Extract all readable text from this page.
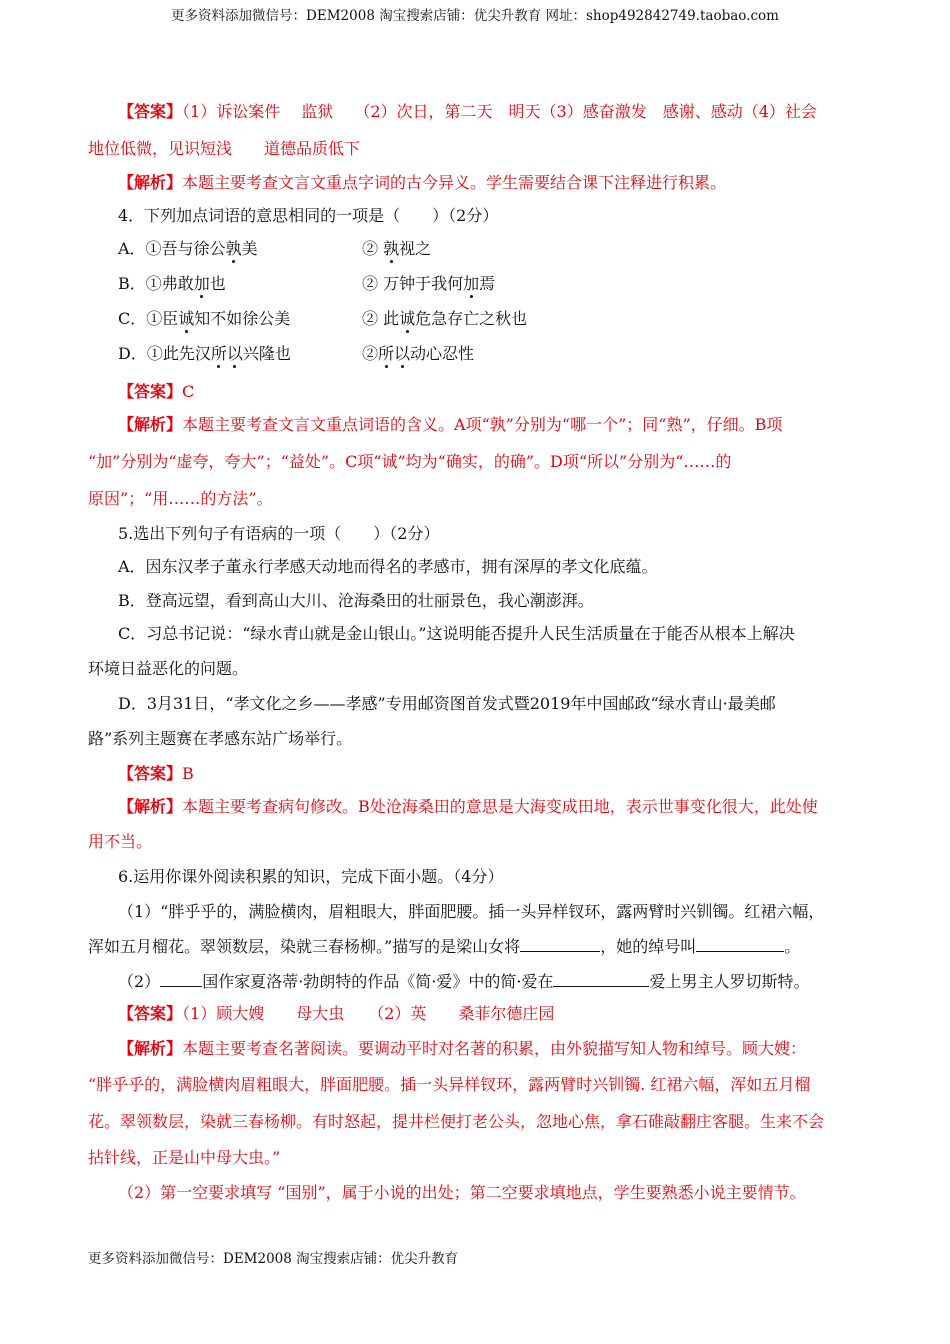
更多资料添加微信号：DEM2008 淘宝搜索店铺：优尖升教育 网址：shop492842749.taobao.com
【答案】（1）诉讼案件　 监狱　 （2）次日，第二天　明天（3）感奋激发　感谢、感动（4）社会
地位低微，见识短浅　　道德品质低下
【解析】本题主要考查文言文重点字词的古今异义。学生需要结合课下注释进行积累。
4．下列加点词语的意思相同的一项是（　　）（2分）
A．①吾与徐公孰美	② 孰视之
B．①弗敢加也	② 万钟于我何加焉
C．①臣诚知不如徐公美	② 此诚危急存亡之秋也
D．①此先汉所以兴隆也	②所以动心忍性
【答案】C
【解析】本题主要考查文言文重点词语的含义。A项“孰”分别为“哪一个”；同“熟”，仔细。B项
“加”分别为“虚夸，夸大”；“益处”。C项“诚”均为“确实，的确”。D项“所以”分别为“……的
原因”；“用……的方法”。
5.选出下列句子有语病的一项（　　）（2分）
A．因东汉孝子董永行孝感天动地而得名的孝感市，拥有深厚的孝文化底蕴。
B．登高远望，看到高山大川、沧海桑田的壮丽景色，我心潮澎湃。
C．习总书记说：“绿水青山就是金山银山。”这说明能否提升人民生活质量在于能否从根本上解决
环境日益恶化的问题。
D．3月31日，“孝文化之乡——孝感”专用邮资图首发式暨2019年中国邮政“绿水青山·最美邮
路”系列主题赛在孝感东站广场举行。
【答案】B
【解析】本题主要考查病句修改。B处沧海桑田的意思是大海变成田地，表示世事变化很大，此处使
用不当。
6.运用你课外阅读积累的知识，完成下面小题。（4分）
（1）“胖乎乎的，满脸横肉，眉粗眼大，胖面肥腰。插一头异样钗环，露两臂时兴钏镯。红裙六幅，
浑如五月榴花。翠领数层，染就三春杨柳。”描写的是梁山女将	，她的绰号叫	。
（2）	国作家夏洛蒂·勃朗特的作品《简·爱》中的简·爱在	爱上男主人罗切斯特。
【答案】（1）顾大嫂　　母大虫　　（2）英　　桑菲尔德庄园
【解析】本题主要考查名著阅读。要调动平时对名著的积累，由外貌描写知人物和绰号。顾大嫂：
“胖乎乎的，满脸横肉眉粗眼大，胖面肥腰。插一头异样钗环，露两臂时兴钏镯. 红裙六幅，浑如五月榴
花。翠领数层，染就三春杨柳。有时怒起，提井栏便打老公头，忽地心焦，拿石碓敲翻庄客腿。生来不会
拈针线，正是山中母大虫。”
（2）第一空要求填写 “国别”，属于小说的出处；第二空要求填地点，学生要熟悉小说主要情节。
更多资料添加微信号：DEM2008 淘宝搜索店铺：优尖升教育
